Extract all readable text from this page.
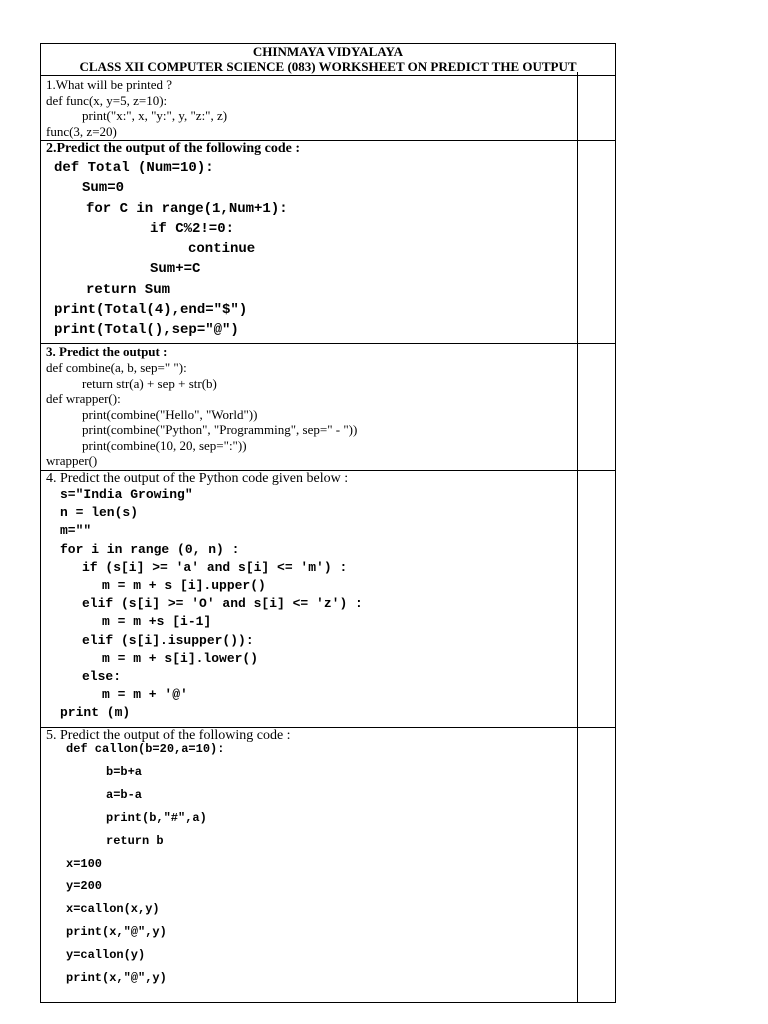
CHINMAYA VIDYALAYA
CLASS XII COMPUTER SCIENCE (083) WORKSHEET ON PREDICT THE OUTPUT
1.What will be printed ?
def func(x, y=5, z=10):
print("x:", x, "y:", y, "z:", z)
func(3, z=20)
2.Predict the output of the following code :
def Total (Num=10):
Sum=0
for C in range(1,Num+1):
if C%2!=0:
continue
Sum+=C
return Sum
print(Total(4),end="$")
print(Total(),sep="@")
3. Predict the output :
def combine(a, b, sep=" "):
return str(a) + sep + str(b)
def wrapper():
print(combine("Hello", "World"))
print(combine("Python", "Programming", sep=" - "))
print(combine(10, 20, sep=":"))
wrapper()
4. Predict the output of the Python code given below :
s="India Growing"
n = len(s)
m=""
for i in range (0, n) :
if (s[i] >= 'a' and s[i] <= 'm') :
m = m + s [i].upper()
elif (s[i] >= 'O' and s[i] <= 'z') :
m = m +s [i-1]
elif (s[i].isupper()):
m = m + s[i].lower()
else:
m = m + '@'
print (m)
5. Predict the output of the following code :
def callon(b=20,a=10):
b=b+a
a=b-a
print(b,"#",a)
return b
x=100
y=200
x=callon(x,y)
print(x,"@",y)
y=callon(y)
print(x,"@",y)
